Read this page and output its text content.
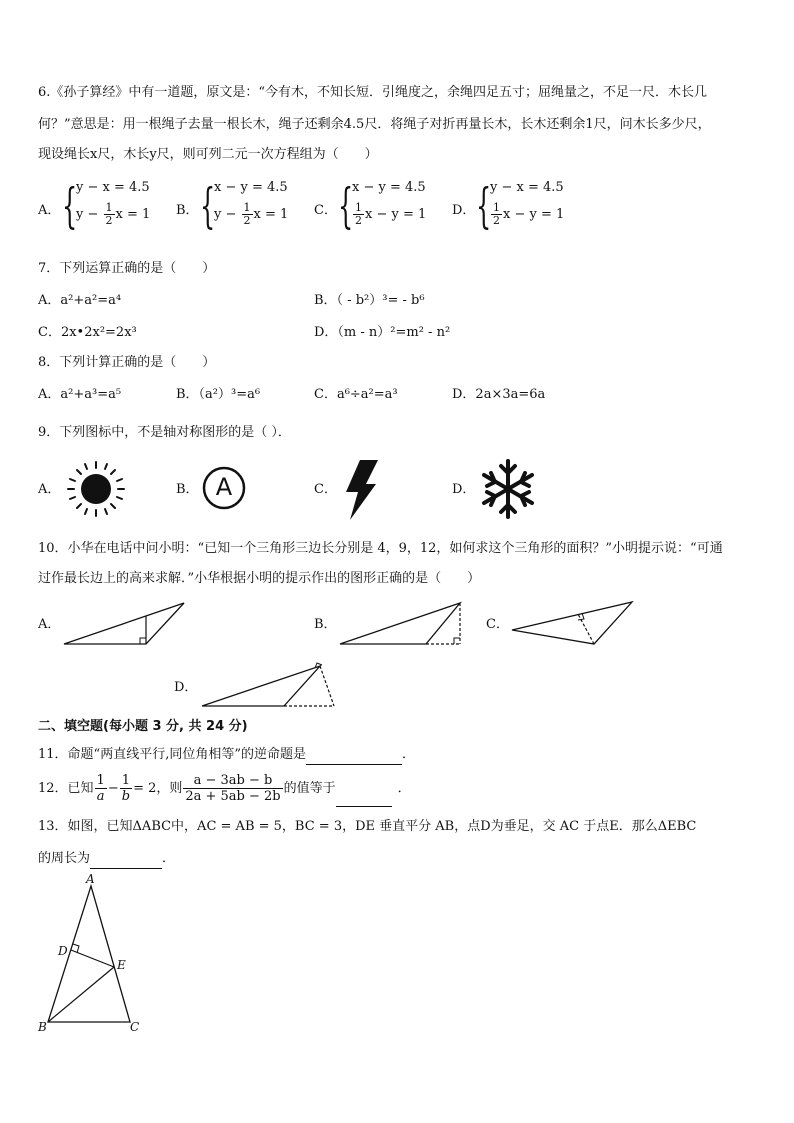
6.《孙子算经》中有一道题，原文是：“今有木，不知长短．引绳度之，余绳四足五寸；屈绳量之，不足一尺．木长几
何？”意思是：用一根绳子去量一根长木，绳子还剩余4.5尺．将绳子对折再量长木，长木还剩余1尺，问木长多少尺，
现设绳长x尺，木长y尺，则可列二元一次方程组为（　　）
A． {
y − x = 4.5
$y - \frac{1}{2}$ x = 1 B． {
x − y = 4.5
$y - \frac{1}{2}$ x = 1 C． {
x − y = 4.5
$\frac{1}{2}$ x − y = 1 D． {
y − x = 4.5
$\frac{1}{2}$ x − y = 1
7．下列运算正确的是（　　）
A．a²+a²=a⁴	B．（ - b²）³= - b⁶
C．2x•2x²=2x³	D．（m - n）²=m² - n²
8．下列计算正确的是（　　）
A．a²+a³=a⁵	B．（a²）³=a⁶	C．a⁶÷a²=a³	D．2a×3a=6a
9．下列图标中，不是轴对称图形的是（ ）．
A．	B．	C．	D．
A
10．小华在电话中问小明：“已知一个三角形三边长分别是 4，9，12，如何求这个三角形的面积？”小明提示说：“可通
过作最长边上的高来求解．”小华根据小明的提示作出的图形正确的是（　　）
A．	B．	C．
D．
二、填空题(每小题 3 分, 共 24 分)
11．命题“两直线平行,同位角相等”的逆命题是	．
12．已知 $\frac{1}{a} - \frac{1}{b} = 2$，则 $\frac{a - 3ab - b}{2a + 5ab - 2b}$ 的值等于	．
13．如图，已知ΔABC中，AC = AB = 5，BC = 3，DE 垂直平分 AB，点D为垂足，交 AC 于点E．那么ΔEBC
的周长为	．
A
D
E
B	C
